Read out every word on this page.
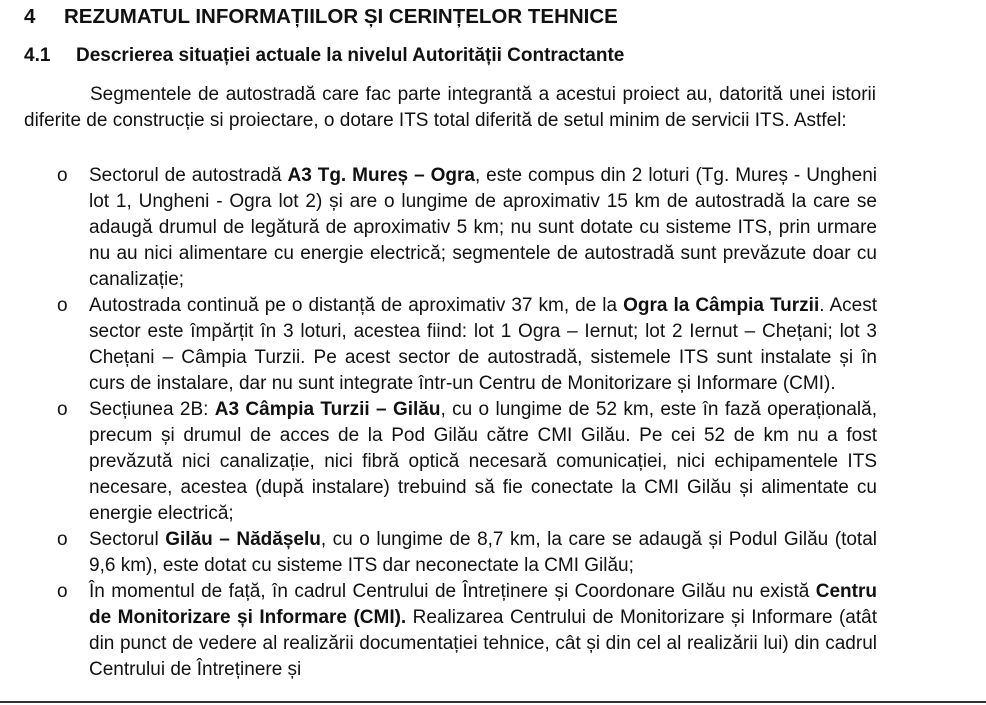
4 REZUMATUL INFORMAȚIILOR ȘI CERINȚELOR TEHNICE
4.1 Descrierea situației actuale la nivelul Autorității Contractante

Segmentele de autostradă care fac parte integrantă a acestui proiect au, datorită unei istorii diferite de construcție si proiectare, o dotare ITS total diferită de setul minim de servicii ITS. Astfel:

o Sectorul de autostradă A3 Tg. Mureș – Ogra, este compus din 2 loturi (Tg. Mureș - Ungheni lot 1, Ungheni - Ogra lot 2) și are o lungime de aproximativ 15 km de autostradă la care se adaugă drumul de legătură de aproximativ 5 km; nu sunt dotate cu sisteme ITS, prin urmare nu au nici alimentare cu energie electrică; segmentele de autostradă sunt prevăzute doar cu canalizație;
o Autostrada continuă pe o distanță de aproximativ 37 km, de la Ogra la Câmpia Turzii. Acest sector este împărțit în 3 loturi, acestea fiind: lot 1 Ogra – Iernut; lot 2 Iernut – Chețani; lot 3 Chețani – Câmpia Turzii. Pe acest sector de autostradă, sistemele ITS sunt instalate și în curs de instalare, dar nu sunt integrate într-un Centru de Monitorizare și Informare (CMI).
o Secțiunea 2B: A3 Câmpia Turzii – Gilău, cu o lungime de 52 km, este în fază operațională, precum și drumul de acces de la Pod Gilău către CMI Gilău. Pe cei 52 de km nu a fost prevăzută nici canalizație, nici fibră optică necesară comunicației, nici echipamentele ITS necesare, acestea (după instalare) trebuind să fie conectate la CMI Gilău și alimentate cu energie electrică;
o Sectorul Gilău – Nădășelu, cu o lungime de 8,7 km, la care se adaugă și Podul Gilău (total 9,6 km), este dotat cu sisteme ITS dar neconectate la CMI Gilău;
o În momentul de față, în cadrul Centrului de Întreținere și Coordonare Gilău nu există Centru de Monitorizare și Informare (CMI). Realizarea Centrului de Monitorizare și Informare (atât din punct de vedere al realizării documentației tehnice, cât și din cel al realizării lui) din cadrul Centrului de Întreținere și
